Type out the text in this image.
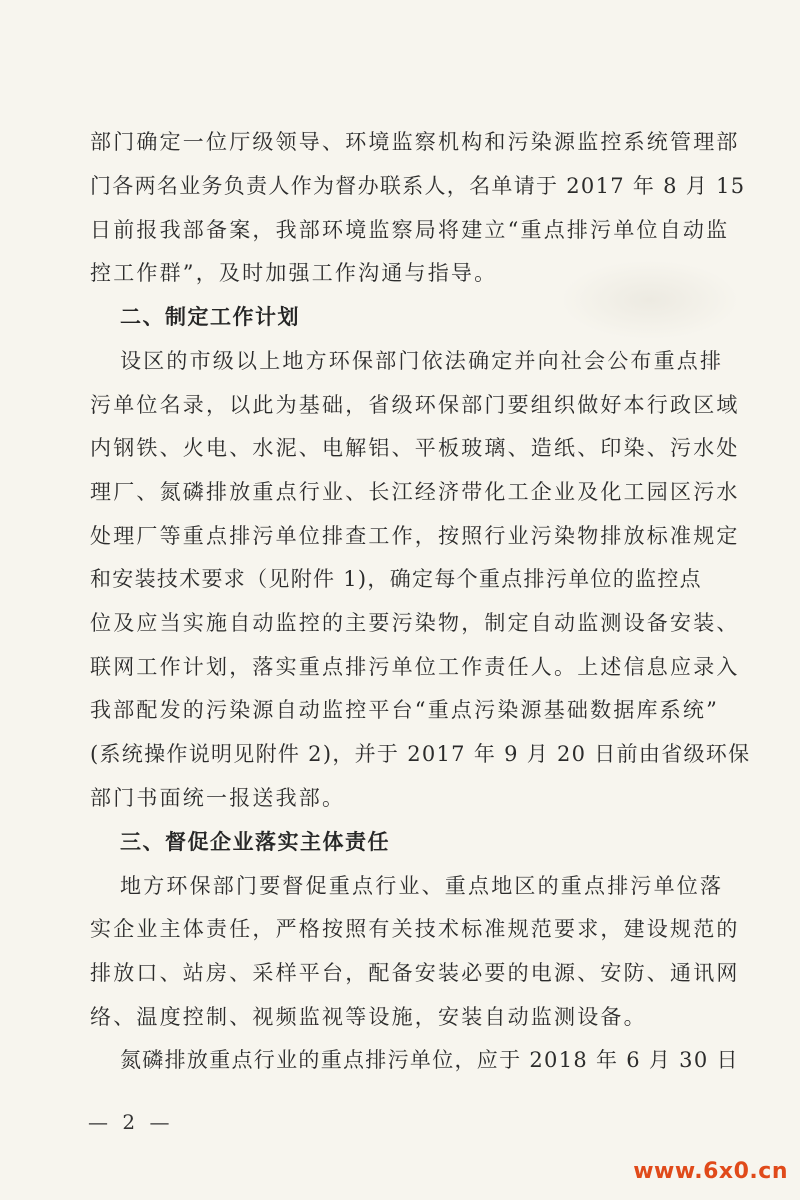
部门确定一位厅级领导、环境监察机构和污染源监控系统管理部
门各两名业务负责人作为督办联系人，名单请于 2017 年 8 月 15
日前报我部备案，我部环境监察局将建立“重点排污单位自动监
控工作群”，及时加强工作沟通与指导。
二、制定工作计划
设区的市级以上地方环保部门依法确定并向社会公布重点排
污单位名录，以此为基础，省级环保部门要组织做好本行政区域
内钢铁、火电、水泥、电解铝、平板玻璃、造纸、印染、污水处
理厂、氮磷排放重点行业、长江经济带化工企业及化工园区污水
处理厂等重点排污单位排查工作，按照行业污染物排放标准规定
和安装技术要求（见附件 1)，确定每个重点排污单位的监控点
位及应当实施自动监控的主要污染物，制定自动监测设备安装、
联网工作计划，落实重点排污单位工作责任人。上述信息应录入
我部配发的污染源自动监控平台“重点污染源基础数据库系统”
(系统操作说明见附件 2)，并于 2017 年 9 月 20 日前由省级环保
部门书面统一报送我部。
三、督促企业落实主体责任
地方环保部门要督促重点行业、重点地区的重点排污单位落
实企业主体责任，严格按照有关技术标准规范要求，建设规范的
排放口、站房、采样平台，配备安装必要的电源、安防、通讯网
络、温度控制、视频监视等设施，安装自动监测设备。
氮磷排放重点行业的重点排污单位，应于 2018 年 6 月 30 日
— 2 —
www.6x0.cn
